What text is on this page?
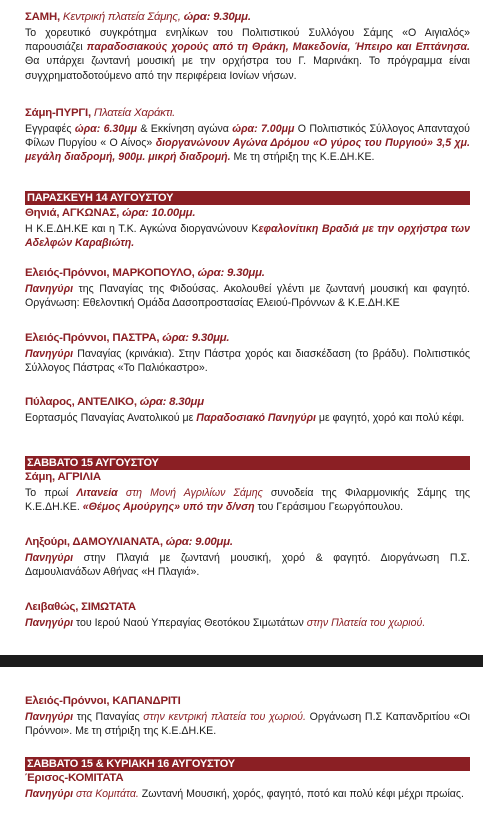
ΣΑΜΗ, Κεντρική πλατεία Σάμης, ώρα: 9.30μμ.

Το χορευτικό συγκρότημα ενηλίκων του Πολιτιστικού Συλλόγου Σάμης «Ο Αιγιαλός» παρουσιάζει παραδοσιακούς χορούς από τη Θράκη, Μακεδονία, Ήπειρο και Επτάνησα. Θα υπάρχει ζωντανή μουσική με την ορχήστρα του Γ. Μαρινάκη. Το πρόγραμμα είναι συγχρηματοδοτούμενο από την περιφέρεια Ιονίων νήσων.

Σάμη-ΠΥΡΓΙ, Πλατεία Χαράκτι.

Εγγραφές ώρα: 6.30μμ & Εκκίνηση αγώνα ώρα: 7.00μμ Ο Πολιτιστικός Σύλλογος Απανταχού Φίλων Πυργίου « Ο Αίνος» διοργανώνουν Αγώνα Δρόμου «Ο γύρος του Πυργιού» 3,5 χμ. μεγάλη διαδρομή, 900μ. μικρή διαδρομή. Με τη στήριξη της Κ.Ε.ΔΗ.ΚΕ.

ΠΑΡΑΣΚΕΥΗ 14 ΑΥΓΟΥΣΤΟΥ
Θηνιά, ΑΓΚΩΝΑΣ, ώρα: 10.00μμ.

Η Κ.Ε.ΔΗ.ΚΕ και η Τ.Κ. Αγκώνα διοργανώνουν Κεφαλονίτικη Βραδιά με την ορχήστρα των Αδελφών Καραβιώτη.

Ελειός-Πρόννοι, ΜΑΡΚΟΠΟΥΛΟ, ώρα: 9.30μμ.

Πανηγύρι της Παναγίας της Φιδούσας. Ακολουθεί γλέντι με ζωντανή μουσική και φαγητό. Οργάνωση: Εθελοντική Ομάδα Δασοπροστασίας Ελειού-Πρόννων & Κ.Ε.ΔΗ.ΚΕ

Ελειός-Πρόννοι, ΠΑΣΤΡΑ, ώρα: 9.30μμ.

Πανηγύρι Παναγίας (κρινάκια). Στην Πάστρα χορός και διασκέδαση (το βράδυ). Πολιτιστικός Σύλλογος Πάστρας «Το Παλιόκαστρο».

Πύλαρος, ΑΝΤΕΛΙΚΟ, ώρα: 8.30μμ

Εορτασμός Παναγίας Ανατολικού με Παραδοσιακό Πανηγύρι με φαγητό, χορό και πολύ κέφι.

ΣΑΒΒΑΤΟ 15 ΑΥΓΟΥΣΤΟΥ
Σάμη, ΑΓΡΙΛΙΑ

Το πρωί Λιτανεία στη Μονή Αγριλίων Σάμης συνοδεία της Φιλαρμονικής Σάμης της Κ.Ε.ΔΗ.ΚΕ. «Θέμος Αμούργης» υπό την δ/νση του Γεράσιμου Γεωργόπουλου.

Ληξούρι, ΔΑΜΟΥΛΙΑΝΑΤΑ, ώρα: 9.00μμ.

Πανηγύρι στην Πλαγιά με ζωντανή μουσική, χορό & φαγητό. Διοργάνωση Π.Σ. Δαμουλιανάδων Αθήνας «Η Πλαγιά».

Λειβαθώς, ΣΙΜΩΤΑΤΑ

Πανηγύρι του Ιερού Ναού Υπεραγίας Θεοτόκου Σιμωτάτων στην Πλατεία του χωριού.

Ελειός-Πρόννοι, ΚΑΠΑΝΔΡΙΤΙ

Πανηγύρι της Παναγίας στην κεντρική πλατεία του χωριού. Οργάνωση Π.Σ Καπανδριτίου «Οι Πρόννοι». Με τη στήριξη της Κ.Ε.ΔΗ.ΚΕ.

ΣΑΒΒΑΤΟ 15 & ΚΥΡΙΑΚΗ 16 ΑΥΓΟΥΣΤΟΥ
Έρισος-ΚΟΜΙΤΑΤΑ

Πανηγύρι στα Κομιτάτα. Ζωντανή Μουσική, χορός, φαγητό, ποτό και πολύ κέφι μέχρι πρωίας.
